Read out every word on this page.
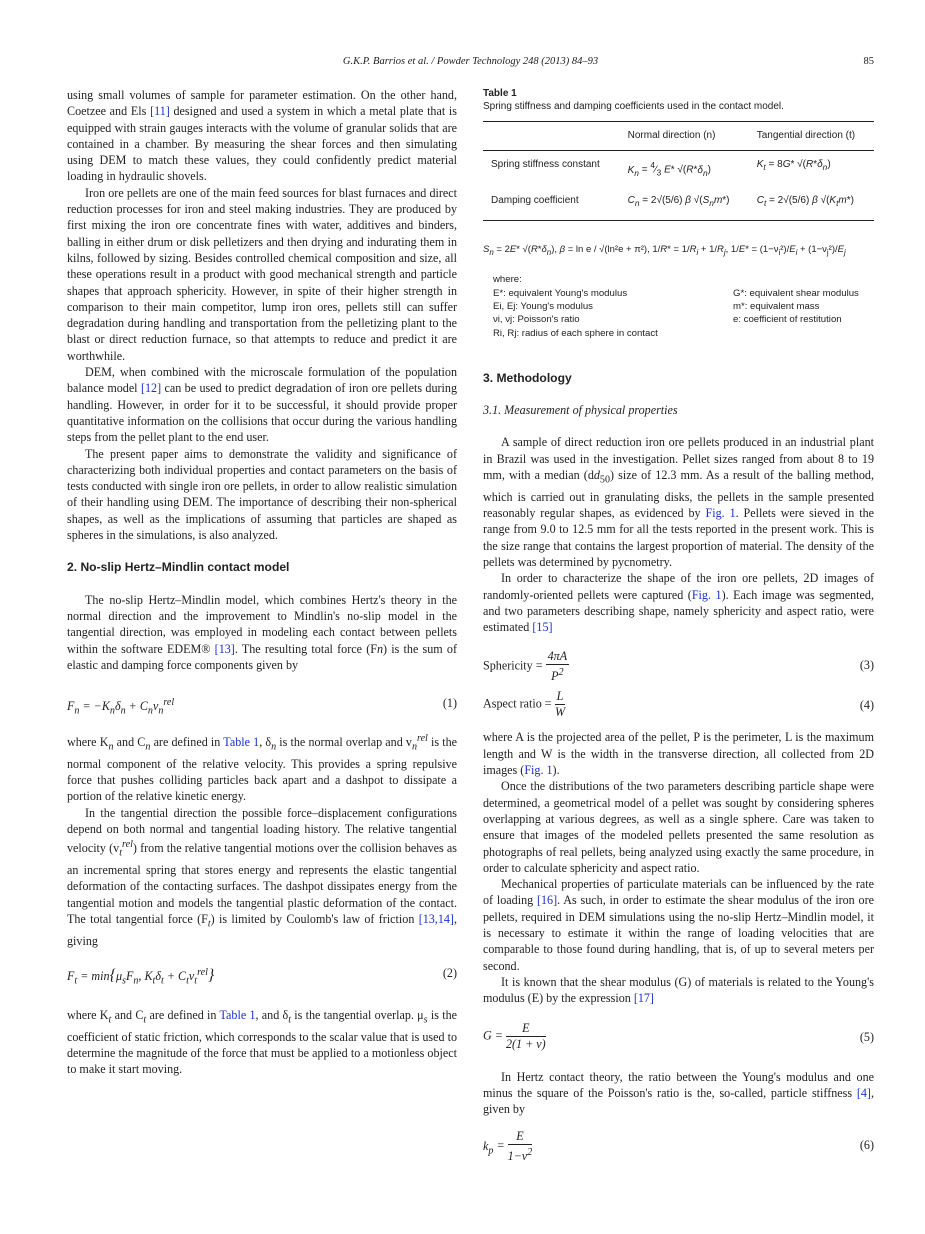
G.K.P. Barrios et al. / Powder Technology 248 (2013) 84–93	85

using small volumes of sample for parameter estimation. On the other hand, Coetzee and Els [11] designed and used a system in which a metal plate that is equipped with strain gauges interacts with the volume of granular solids that are contained in a chamber. By measuring the shear forces and then simulating using DEM to match these values, they could confidently predict material loading in hydraulic shovels.

Iron ore pellets are one of the main feed sources for blast furnaces and direct reduction processes for iron and steel making industries. They are produced by first mixing the iron ore concentrate fines with water, additives and binders, balling in either drum or disk pelletizers and then drying and indurating them in kilns, followed by sizing. Besides controlled chemical composition and size, all these operations result in a product with good mechanical strength and particle shapes that approach sphericity. However, in spite of their higher strength in comparison to their main competitor, lump iron ores, pellets still can suffer degradation during handling and transportation from the pelletizing plant to the blast or direct reduction furnace, so that attempts to reduce and predict it are worthwhile.

DEM, when combined with the microscale formulation of the population balance model [12] can be used to predict degradation of iron ore pellets during handling. However, in order for it to be successful, it should provide proper quantitative information on the collisions that occur during the various handling steps from the pellet plant to the end user.

The present paper aims to demonstrate the validity and significance of characterizing both individual properties and contact parameters on the basis of tests conducted with single iron ore pellets, in order to allow realistic simulation of their handling using DEM. The importance of describing their non-spherical shapes, as well as the implications of assuming that particles are shaped as spheres in the simulations, is also analyzed.

2. No-slip Hertz–Mindlin contact model

The no-slip Hertz–Mindlin model, which combines Hertz's theory in the normal direction and the improvement to Mindlin's no-slip model in the tangential direction, was employed in modeling each contact between pellets within the software EDEM® [13]. The resulting total force (Fn) is the sum of elastic and damping force components given by

$F_n = -K_n\delta_n + C_nv_n^{rel}$	(1)

where $K_n$ and $C_n$ are defined in Table 1, $\delta_n$ is the normal overlap and $v_n^{rel}$ is the normal component of the relative velocity. This provides a spring repulsive force that pushes colliding particles back apart and a dashpot to dissipate a portion of the relative kinetic energy.

In the tangential direction the possible force–displacement configurations depend on both normal and tangential loading history. The relative tangential velocity $(v_t^{rel})$ from the relative tangential motions over the collision behaves as an incremental spring that stores energy and represents the elastic tangential deformation of the contacting surfaces. The dashpot dissipates energy from the tangential motion and models the tangential plastic deformation of the contact. The total tangential force $(F_t)$ is limited by Coulomb's law of friction [13,14], giving

$F_t = \min\{\mu_sF_n$, $K_t\delta_t + C_tv_t^{rel}$}	(2)

where $K_t$ and $C_t$ are defined in Table 1, and $\delta_t$ is the tangential overlap. $\mu_s$ is the coefficient of static friction, which corresponds to the scalar value that is used to determine the magnitude of the force that must be applied to a motionless object to make it start moving.

Table 1
Spring stiffness and damping coefficients used in the contact model.
	Normal direction (n)	Tangential direction (t)
Spring stiffness constant	$K_n$ = $^4⁄_3$ E* $√(R*\delta_n)$	$K_t = 8G*$ $√(R*\delta_n)$
Damping coefficient	$C_n = 2√(5/6)$ β $√(S_nm*)$	$C_t = 2√(5/6)$ β $√(K_tm*)$
$S_n = 2E*$ $√(R*\delta_n)$, β = ln e / √(ln²e + π²), $1/R* = 1/R_i + 1/R_j$, $1/E* = (1-\nu_i^2)/E_i + (1-\nu_j^2)/E_j$
where:
E*: equivalent Young's modulus	G*: equivalent shear modulus
Ei, Ej: Young's modulus	m*: equivalent mass
νi, νj: Poisson's ratio	e: coefficient of restitution
Ri, Rj: radius of each sphere in contact

3. Methodology

3.1. Measurement of physical properties

A sample of direct reduction iron ore pellets produced in an industrial plant in Brazil was used in the investigation. Pellet sizes ranged from about 8 to 19 mm, with a median $(dd_{50})$ size of 12.3 mm. As a result of the balling method, which is carried out in granulating disks, the pellets in the sample presented reasonably regular shapes, as evidenced by Fig. 1. Pellets were sieved in the range from 9.0 to 12.5 mm for all the tests reported in the present work. This is the size range that contains the largest proportion of material. The density of the pellets was determined by pycnometry.

In order to characterize the shape of the iron ore pellets, 2D images of randomly-oriented pellets were captured (Fig. 1). Each image was segmented, and two parameters describing shape, namely sphericity and aspect ratio, were estimated [15]

Sphericity = $\frac{4\pi A}{P^2}$	(3)
Aspect ratio = $\frac{L}{W}$	(4)

where A is the projected area of the pellet, P is the perimeter, L is the maximum length and W is the width in the transverse direction, all collected from 2D images (Fig. 1).

Once the distributions of the two parameters describing particle shape were determined, a geometrical model of a pellet was sought by considering spheres overlapping at various degrees, as well as a single sphere. Care was taken to ensure that images of the modeled pellets presented the same resolution as photographs of real pellets, being analyzed using exactly the same procedure, in order to calculate sphericity and aspect ratio.

Mechanical properties of particulate materials can be influenced by the rate of loading [16]. As such, in order to estimate the shear modulus of the iron ore pellets, required in DEM simulations using the no-slip Hertz–Mindlin model, it is necessary to estimate it within the range of loading velocities that are comparable to those found during handling, that is, of up to several meters per second.

It is known that the shear modulus (G) of materials is related to the Young's modulus (E) by the expression [17]

$G = \frac{E}{2(1 + \nu)}$	(5)

In Hertz contact theory, the ratio between the Young's modulus and one minus the square of the Poisson's ratio is the, so-called, particle stiffness [4], given by

$k_p = \frac{E}{1-\nu^2}$	(6)
